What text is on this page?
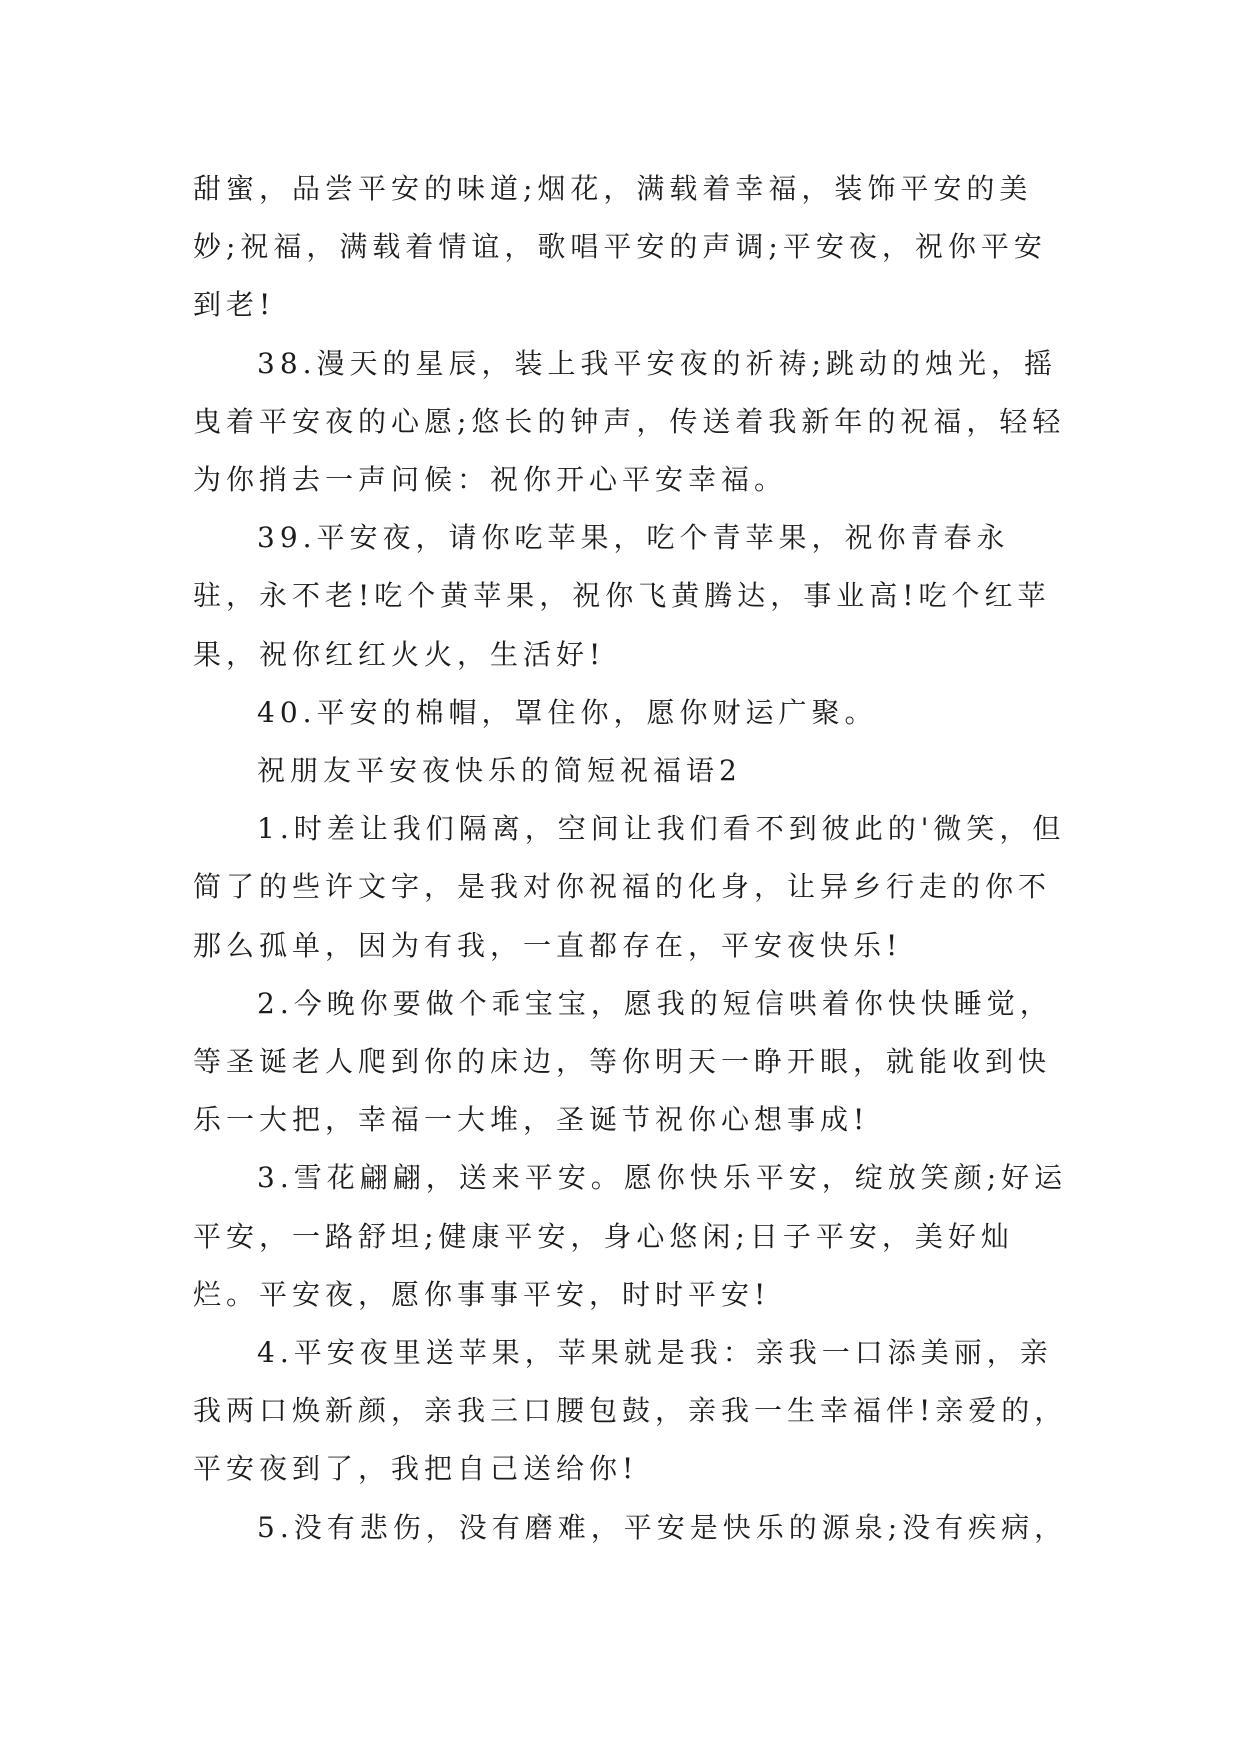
甜蜜，品尝平安的味道;烟花，满载着幸福，装饰平安的美妙;祝福，满载着情谊，歌唱平安的声调;平安夜，祝你平安到老!

38.漫天的星辰，装上我平安夜的祈祷;跳动的烛光，摇曳着平安夜的心愿;悠长的钟声，传送着我新年的祝福，轻轻为你捎去一声问候：祝你开心平安幸福。

39.平安夜，请你吃苹果，吃个青苹果，祝你青春永驻，永不老!吃个黄苹果，祝你飞黄腾达，事业高!吃个红苹果，祝你红红火火，生活好!

40.平安的棉帽，罩住你，愿你财运广聚。

祝朋友平安夜快乐的简短祝福语2

1.时差让我们隔离，空间让我们看不到彼此的'微笑，但简了的些许文字，是我对你祝福的化身，让异乡行走的你不那么孤单，因为有我，一直都存在，平安夜快乐!

2.今晚你要做个乖宝宝，愿我的短信哄着你快快睡觉，等圣诞老人爬到你的床边，等你明天一睁开眼，就能收到快乐一大把，幸福一大堆，圣诞节祝你心想事成!

3.雪花翩翩，送来平安。愿你快乐平安，绽放笑颜;好运平安，一路舒坦;健康平安，身心悠闲;日子平安，美好灿烂。平安夜，愿你事事平安，时时平安!

4.平安夜里送苹果，苹果就是我：亲我一口添美丽，亲我两口焕新颜，亲我三口腰包鼓，亲我一生幸福伴!亲爱的，平安夜到了，我把自己送给你!

5.没有悲伤，没有磨难，平安是快乐的源泉;没有疾病，
